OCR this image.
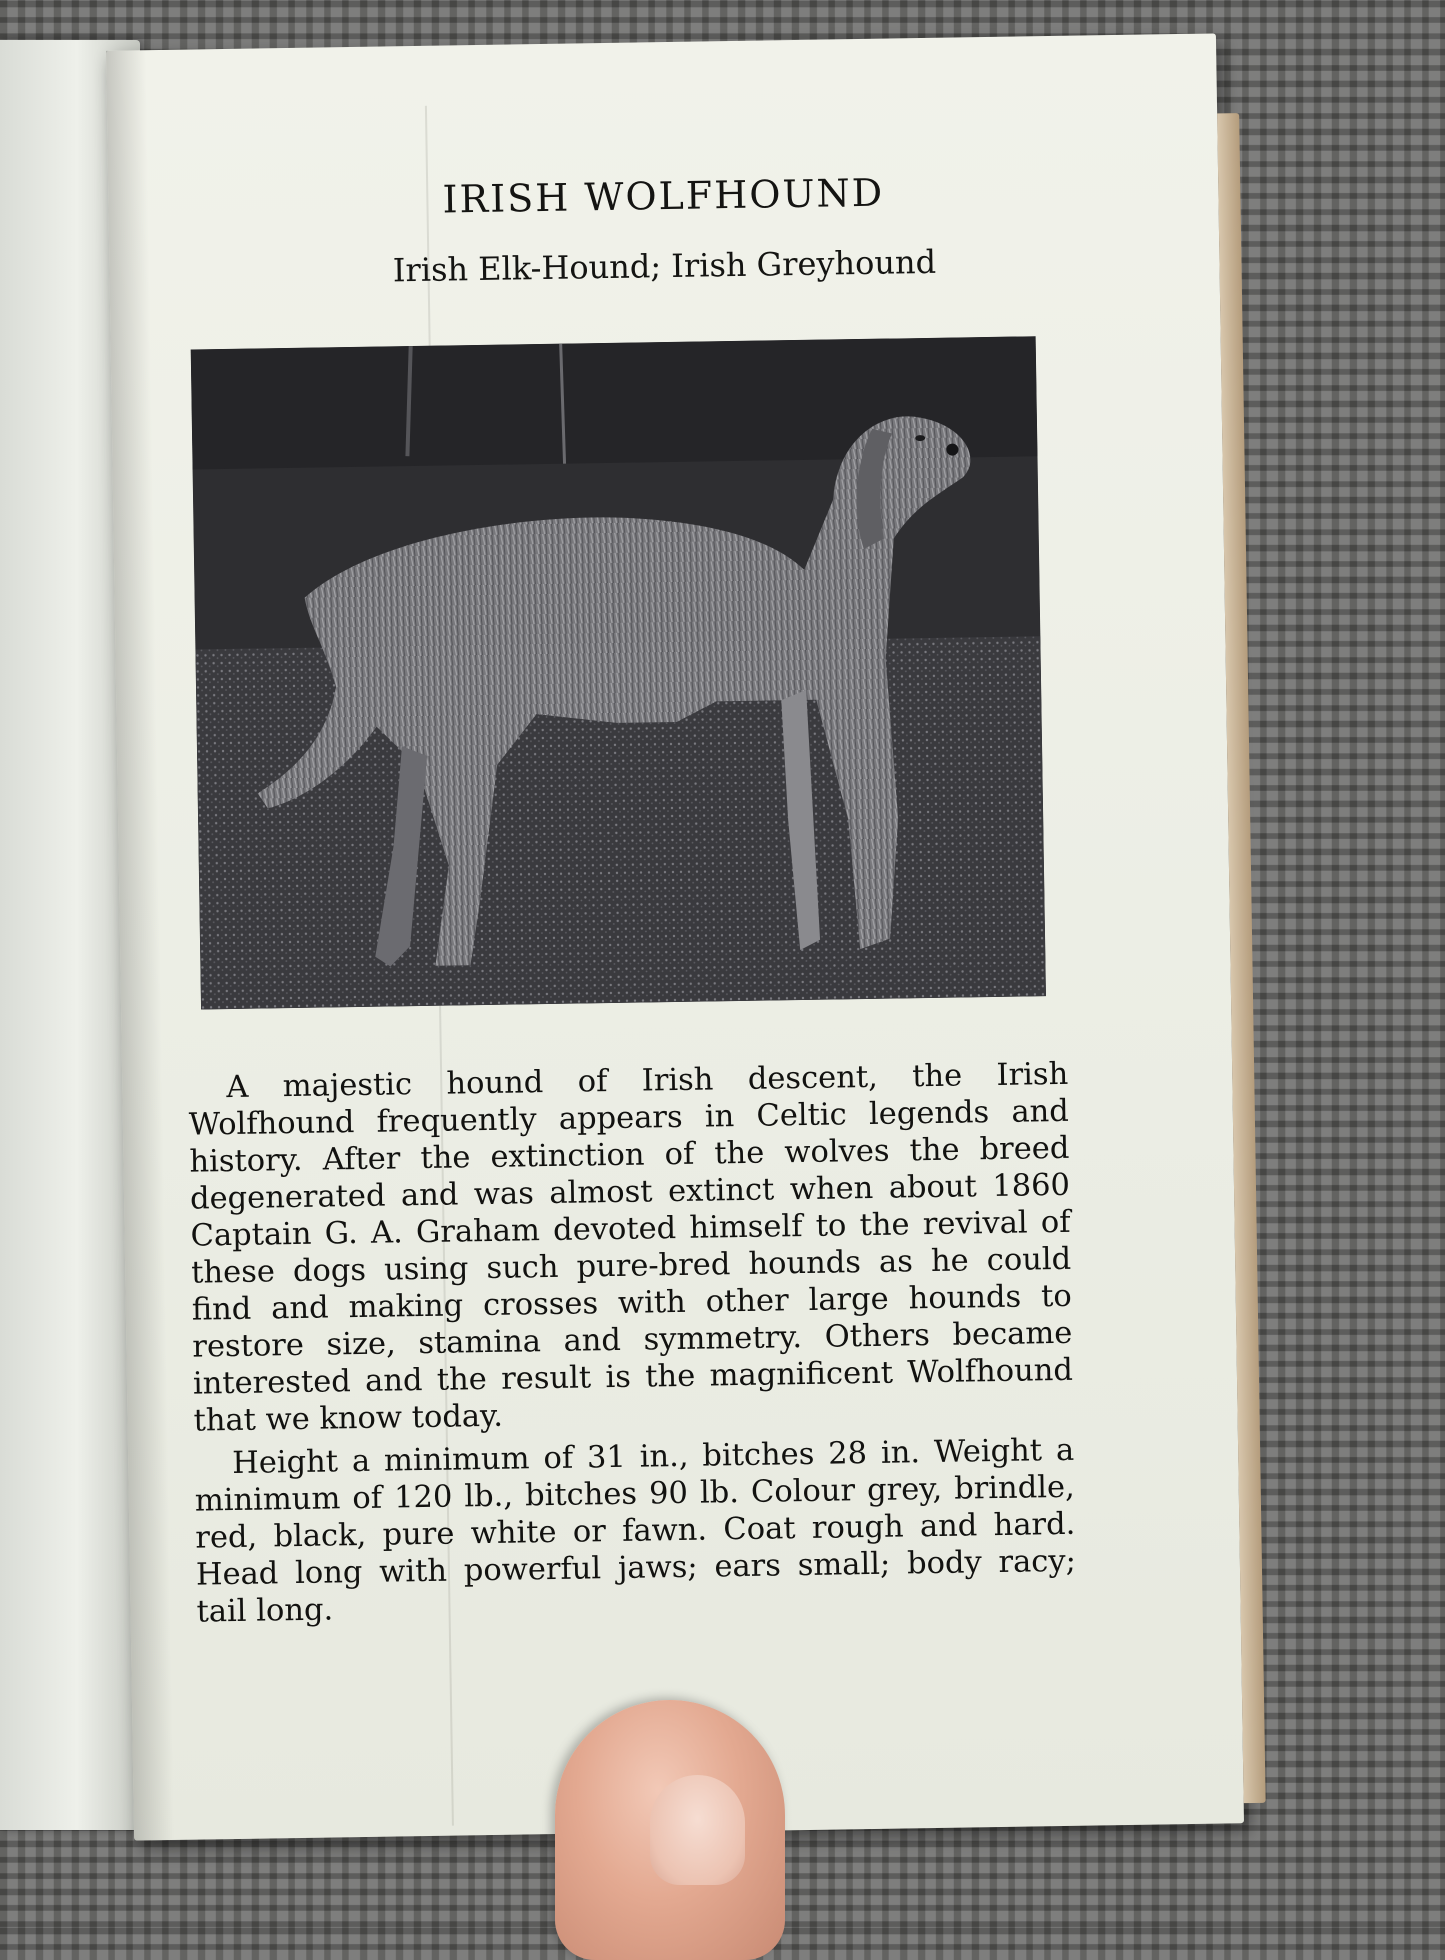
IRISH WOLFHOUND
Irish Elk-Hound; Irish Greyhound

A majestic hound of Irish descent, the Irish Wolfhound frequently appears in Celtic legends and history. After the extinction of the wolves the breed degenerated and was almost extinct when about 1860 Captain G. A. Graham devoted himself to the revival of these dogs using such pure-bred hounds as he could find and making crosses with other large hounds to restore size, stamina and symmetry. Others became interested and the result is the magnificent Wolfhound that we know today.

Height a minimum of 31 in., bitches 28 in. Weight a minimum of 120 lb., bitches 90 lb. Colour grey, brindle, red, black, pure white or fawn. Coat rough and hard. Head long with powerful jaws; ears small; body racy; tail long.
